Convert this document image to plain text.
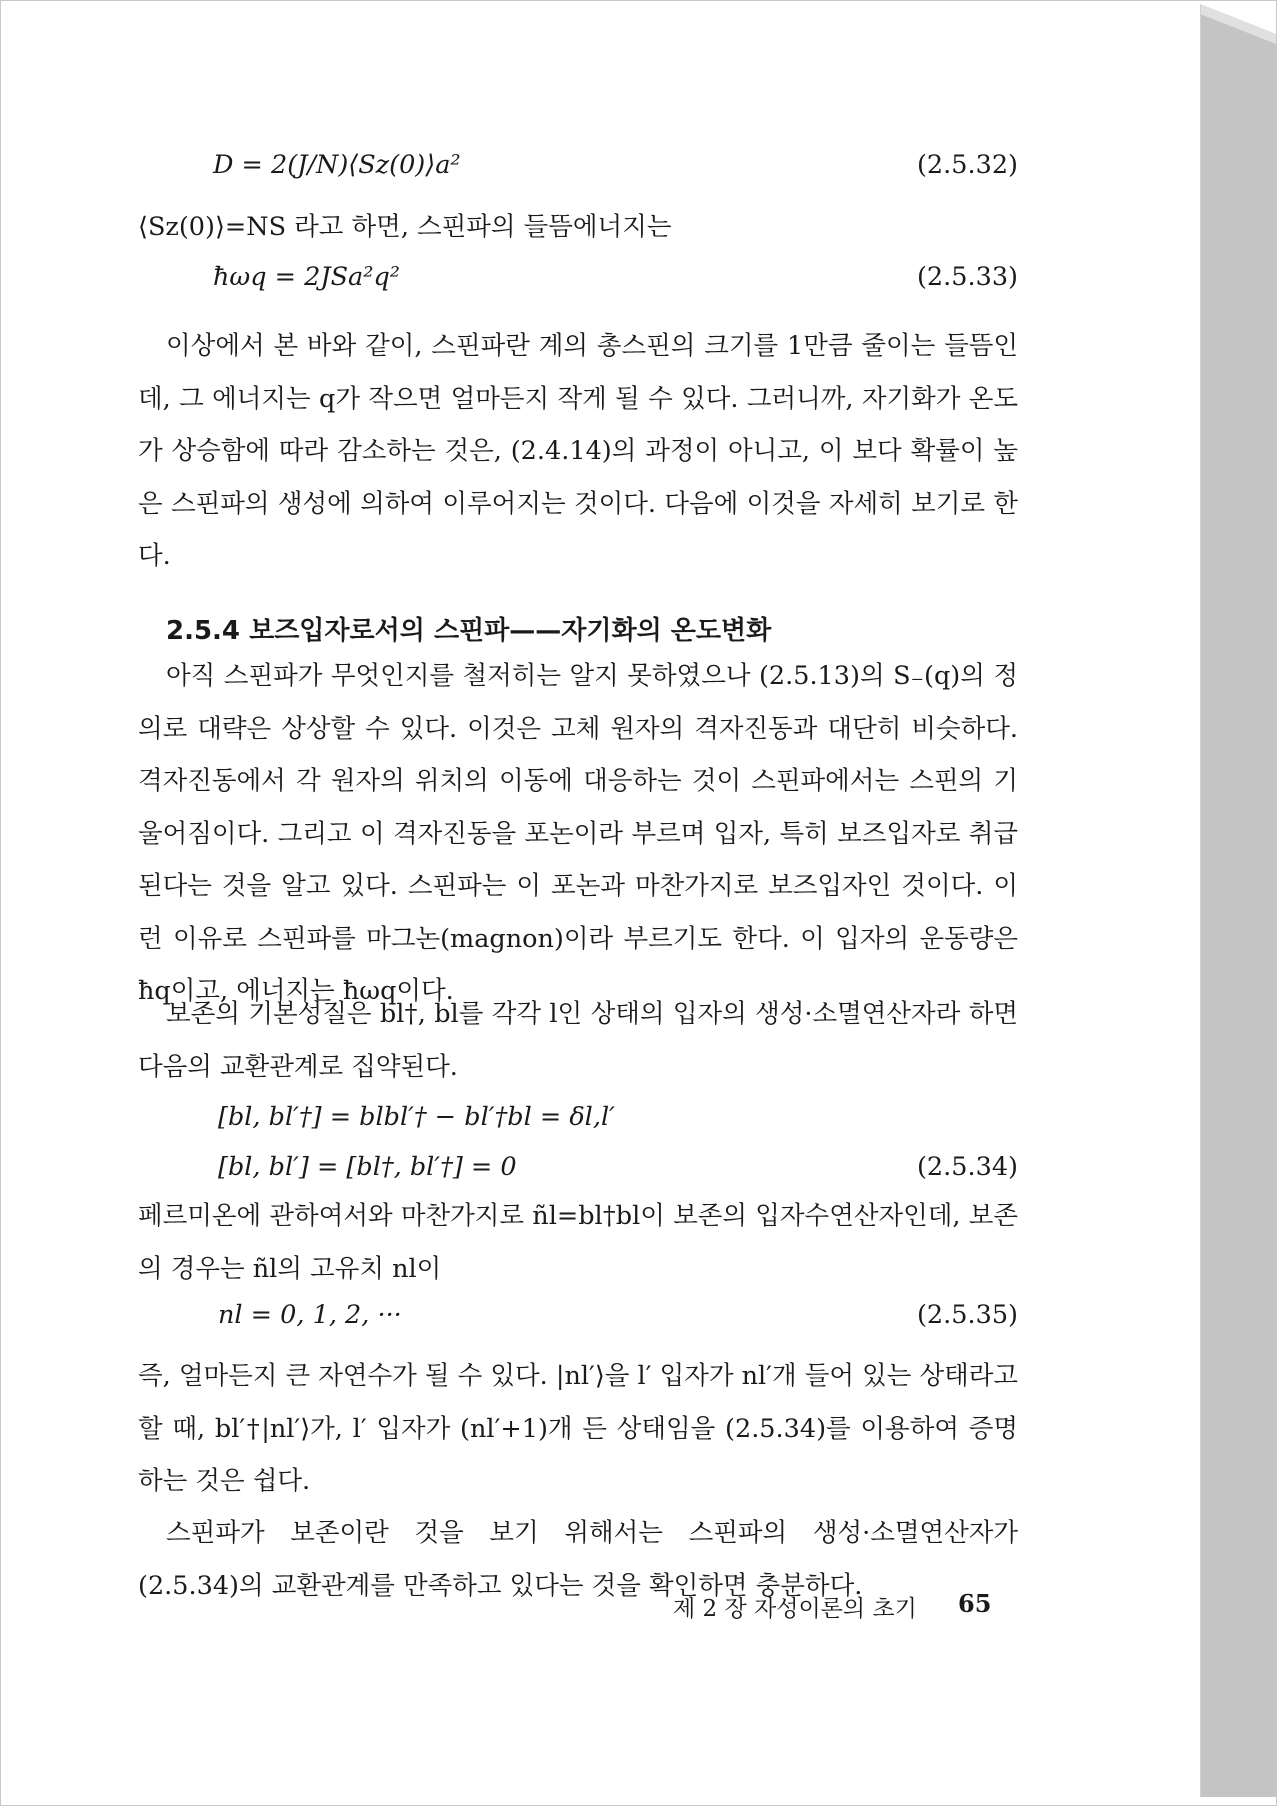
D = 2(J/N)⟨Sz(0)⟩a²	(2.5.32)
⟨Sz(0)⟩=NS 라고 하면, 스핀파의 들뜸에너지는
ħωq = 2JSa²q²	(2.5.33)
이상에서 본 바와 같이, 스핀파란 계의 총스핀의 크기를 1만큼 줄이는 들뜸인데, 그 에너지는 q가 작으면 얼마든지 작게 될 수 있다. 그러니까, 자기화가 온도가 상승함에 따라 감소하는 것은, (2.4.14)의 과정이 아니고, 이 보다 확률이 높은 스핀파의 생성에 의하여 이루어지는 것이다. 다음에 이것을 자세히 보기로 한다.
2.5.4 보즈입자로서의 스핀파——자기화의 온도변화
아직 스핀파가 무엇인지를 철저히는 알지 못하였으나 (2.5.13)의 S₋(q)의 정의로 대략은 상상할 수 있다. 이것은 고체 원자의 격자진동과 대단히 비슷하다. 격자진동에서 각 원자의 위치의 이동에 대응하는 것이 스핀파에서는 스핀의 기울어짐이다. 그리고 이 격자진동을 포논이라 부르며 입자, 특히 보즈입자로 취급된다는 것을 알고 있다. 스핀파는 이 포논과 마찬가지로 보즈입자인 것이다. 이런 이유로 스핀파를 마그논(magnon)이라 부르기도 한다. 이 입자의 운동량은 ħq이고, 에너지는 ħωq이다.
보존의 기본성질은 bl†, bl를 각각 l인 상태의 입자의 생성·소멸연산자라 하면 다음의 교환관계로 집약된다.
[bl, bl′†] = blbl′† − bl′†bl = δl,l′
[bl, bl′] = [bl†, bl′†] = 0	(2.5.34)
페르미온에 관하여서와 마찬가지로 ñl=bl†bl이 보존의 입자수연산자인데, 보존의 경우는 ñl의 고유치 nl이
nl = 0, 1, 2, ···	(2.5.35)
즉, 얼마든지 큰 자연수가 될 수 있다. |nl′⟩을 l′ 입자가 nl′개 들어 있는 상태라고 할 때, bl′†|nl′⟩가, l′ 입자가 (nl′+1)개 든 상태임을 (2.5.34)를 이용하여 증명하는 것은 쉽다.
스핀파가 보존이란 것을 보기 위해서는 스핀파의 생성·소멸연산자가 (2.5.34)의 교환관계를 만족하고 있다는 것을 확인하면 충분하다.
제 2 장 자성이론의 초기 65
